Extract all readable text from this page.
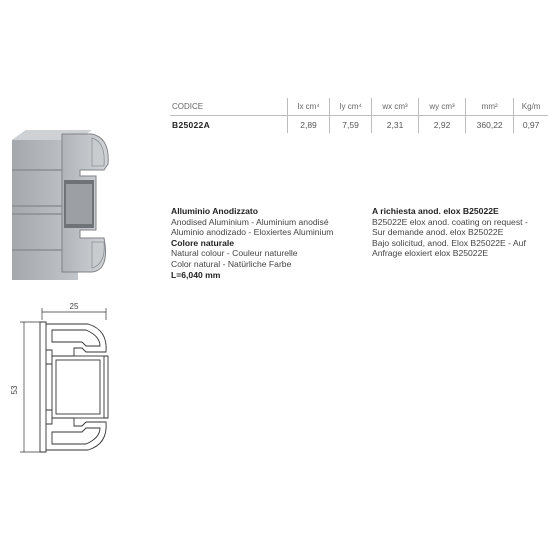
CODICE	Ix cm⁴	Iy cm⁴	wx cm³	wy cm³	mm²	Kg/m
B25022A	2,89	7,59	2,31	2,92	360,22	0,97
Alluminio Anodizzato
Anodised Aluminium - Aluminium anodisé
Aluminio anodizado - Eloxiertes Aluminium
Colore naturale
Natural colour - Couleur naturelle
Color natural - Natürliche Farbe
L=6,040 mm
A richiesta anod. elox B25022E
B25022E elox anod. coating on request -
Sur demande anod. elox B25022E
Bajo solicitud, anod. Elox B25022E - Auf
Anfrage eloxiert elox B25022E
25
53
